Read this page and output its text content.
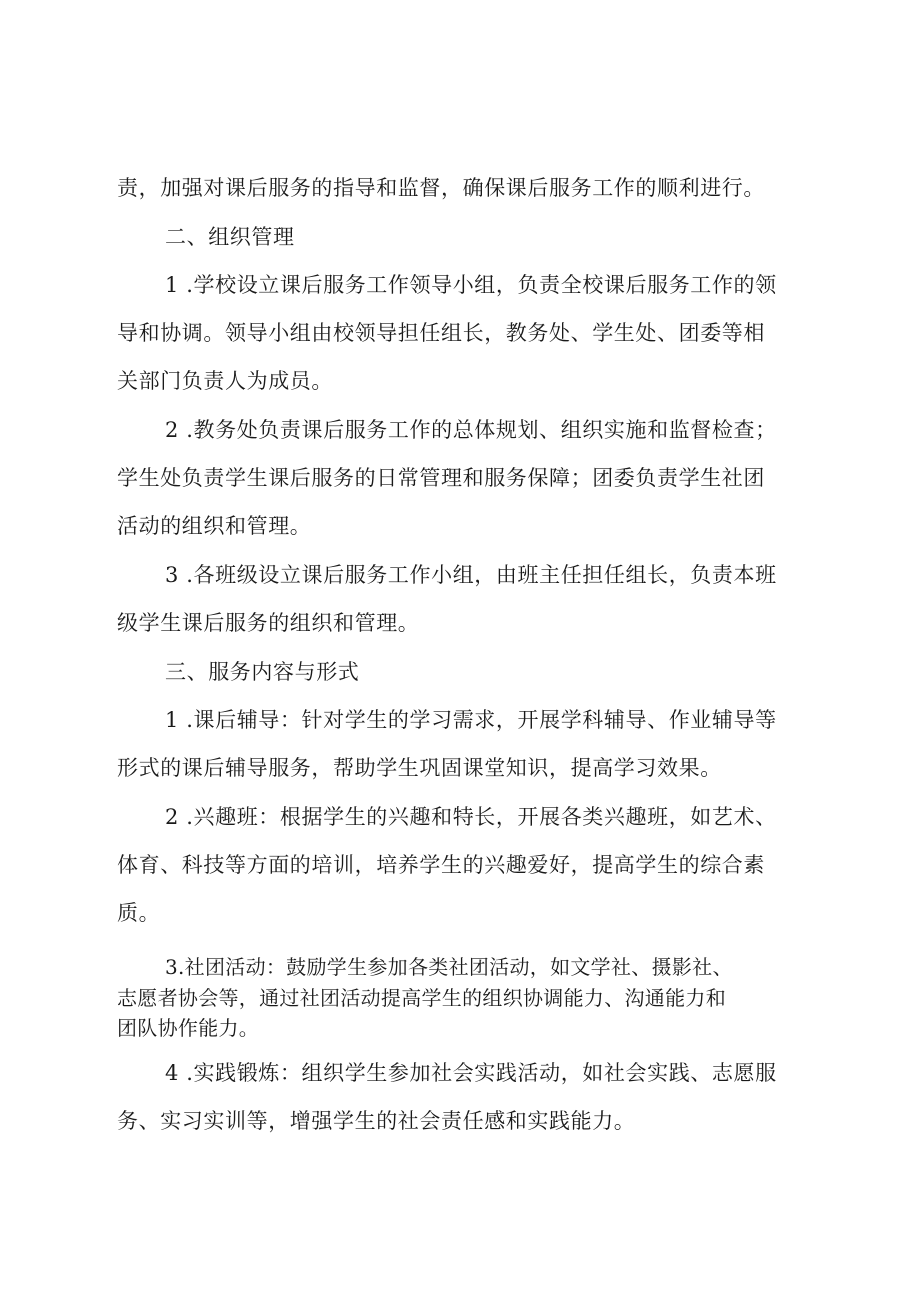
责，加强对课后服务的指导和监督，确保课后服务工作的顺利进行。
二、组织管理
1 .学校设立课后服务工作领导小组，负责全校课后服务工作的领
导和协调。领导小组由校领导担任组长，教务处、学生处、团委等相
关部门负责人为成员。
2 .教务处负责课后服务工作的总体规划、组织实施和监督检查；
学生处负责学生课后服务的日常管理和服务保障；团委负责学生社团
活动的组织和管理。
3 .各班级设立课后服务工作小组，由班主任担任组长，负责本班
级学生课后服务的组织和管理。
三、服务内容与形式
1 .课后辅导：针对学生的学习需求，开展学科辅导、作业辅导等
形式的课后辅导服务，帮助学生巩固课堂知识，提高学习效果。
2 .兴趣班：根据学生的兴趣和特长，开展各类兴趣班，如艺术、
体育、科技等方面的培训，培养学生的兴趣爱好，提高学生的综合素
质。
3.社团活动：鼓励学生参加各类社团活动，如文学社、摄影社、
志愿者协会等，通过社团活动提高学生的组织协调能力、沟通能力和
团队协作能力。
4 .实践锻炼：组织学生参加社会实践活动，如社会实践、志愿服
务、实习实训等，增强学生的社会责任感和实践能力。
